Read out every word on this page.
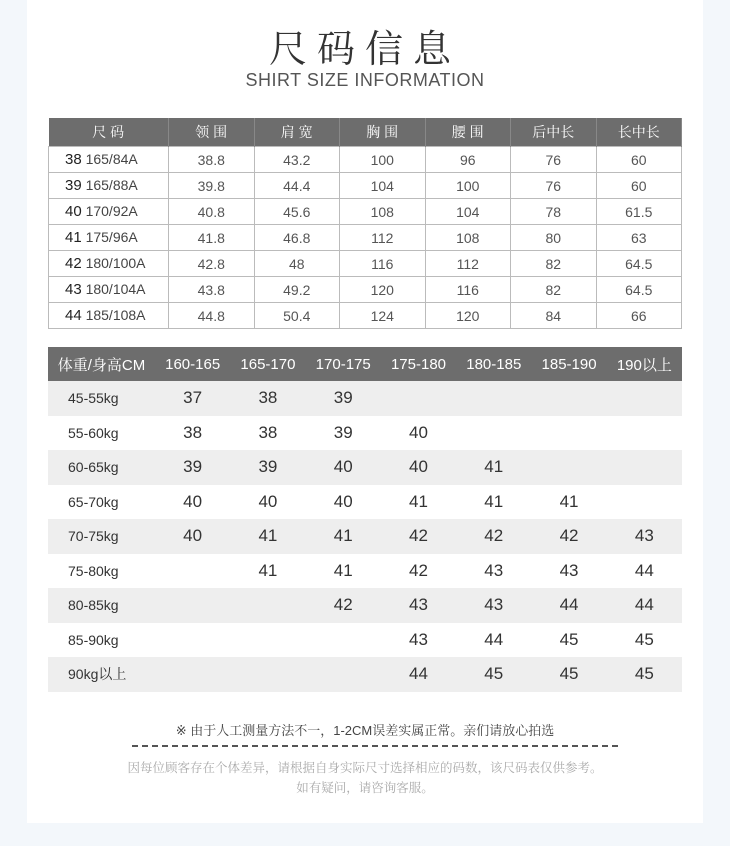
尺码信息
SHIRT SIZE INFORMATION
尺 码	领 围	肩 宽	胸 围	腰 围	后中长	长中长
38 165/84A	38.8	43.2	100	96	76	60
39 165/88A	39.8	44.4	104	100	76	60
40 170/92A	40.8	45.6	108	104	78	61.5
41 175/96A	41.8	46.8	112	108	80	63
42 180/100A	42.8	48	116	112	82	64.5
43 180/104A	43.8	49.2	120	116	82	64.5
44 185/108A	44.8	50.4	124	120	84	66
体重/身高CM	160-165	165-170	170-175	175-180	180-185	185-190	190以上
45-55kg	37	38	39				
55-60kg	38	38	39	40			
60-65kg	39	39	40	40	41		
65-70kg	40	40	40	41	41	41	
70-75kg	40	41	41	42	42	42	43
75-80kg		41	41	42	43	43	44
80-85kg			42	43	43	44	44
85-90kg				43	44	45	45
90kg以上				44	45	45	45
※ 由于人工测量方法不一，1-2CM误差实属正常。亲们请放心拍选
因每位顾客存在个体差异，请根据自身实际尺寸选择相应的码数，该尺码表仅供参考。
如有疑问，请咨询客服。
